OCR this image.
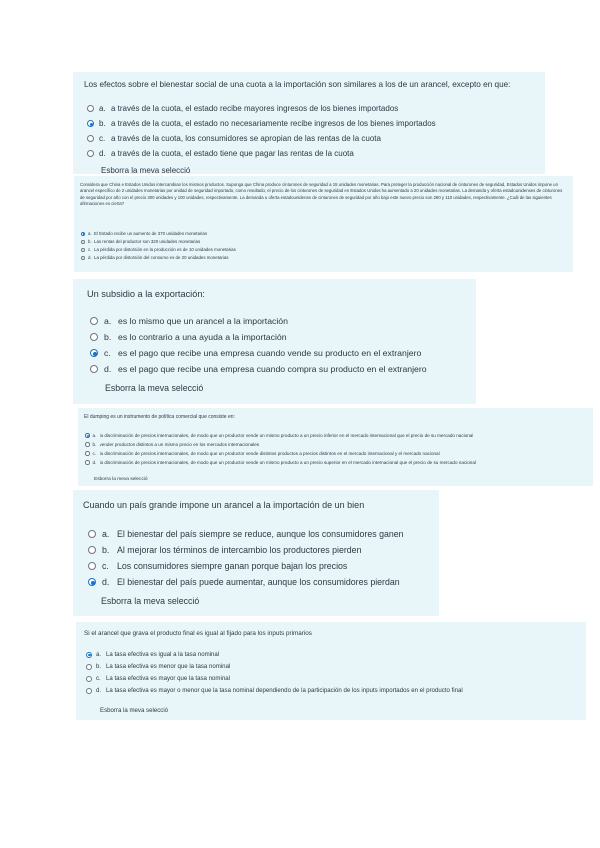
Los efectos sobre el bienestar social de una cuota a la importación son similares a los de un arancel, excepto en que:
a. a través de la cuota, el estado recibe mayores ingresos de los bienes importados
b. a través de la cuota, el estado no necesariamente recibe ingresos de los bienes importados
c. a través de la cuota, los consumidores se apropian de las rentas de la cuota
d. a través de la cuota, el estado tiene que pagar las rentas de la cuota
Esborra la meva selecció
Considera que China e Estados Unidos intercambian los mismos productos. Suponga que China produce cinturones de seguridad a 15 unidades monetarias. Para proteger la producción nacional de cinturones de seguridad, Estados Unidos impone un arancel específico de 2 unidades monetarias por unidad de seguridad importado, como resultado, el precio de los cinturones de seguridad en Estados Unidos ha aumentado a 20 unidades monetarias. La demanda y oferta estadounidenses de cinturones de seguridad por año con el precio 300 unidades y 100 unidades, respectivamente. La demanda u oferta estadounidense de cinturones de seguridad por año bajo este nuevo precio son 280 y 110 unidades, respectivamente. ¿Cuál de las siguientes afirmaciones es cierta?
a. El Estado recibe un aumento de 370 unidades monetarias
b. Las rentas del productor son 320 unidades monetarias
c. La pérdida por distorsión en la producción es de 10 unidades monetarias
d. La pérdida por distorsión del consumo es de 20 unidades monetarias
Un subsidio a la exportación:
a. es lo mismo que un arancel a la importación
b. es lo contrario a una ayuda a la importación
c. es el pago que recibe una empresa cuando vende su producto en el extranjero
d. es el pago que recibe una empresa cuando compra su producto en el extranjero
Esborra la meva selecció
El dumping es un instrumento de política comercial que consiste en:
a. la discriminación de precios internacionales, de modo que un productor vende un mismo producto a un precio inferior en el mercado internacional que el precio de su mercado nacional
b. vender productos distintos a un mismo precio en los mercados internacionales
c. la discriminación de precios internacionales, de modo que un productor vende distintos productos a precios distintos en el mercado internacional y el mercado nacional
d. la discriminación de precios internacionales, de modo que un productor vende un mismo producto a un precio superior en el mercado internacional que el precio de su mercado nacional
Esborra la meva selecció
Cuando un país grande impone un arancel a la importación de un bien
a. El bienestar del país siempre se reduce, aunque los consumidores ganen
b. Al mejorar los términos de intercambio los productores pierden
c. Los consumidores siempre ganan porque bajan los precios
d. El bienestar del país puede aumentar, aunque los consumidores pierdan
Esborra la meva selecció
Si el arancel que grava el producto final es igual al fijado para los inputs primarios
a. La tasa efectiva es igual a la tasa nominal
b. La tasa efectiva es menor que la tasa nominal
c. La tasa efectiva es mayor que la tasa nominal
d. La tasa efectiva es mayor o menor que la tasa nominal dependiendo de la participación de los inputs importados en el producto final
Esborra la meva selecció
